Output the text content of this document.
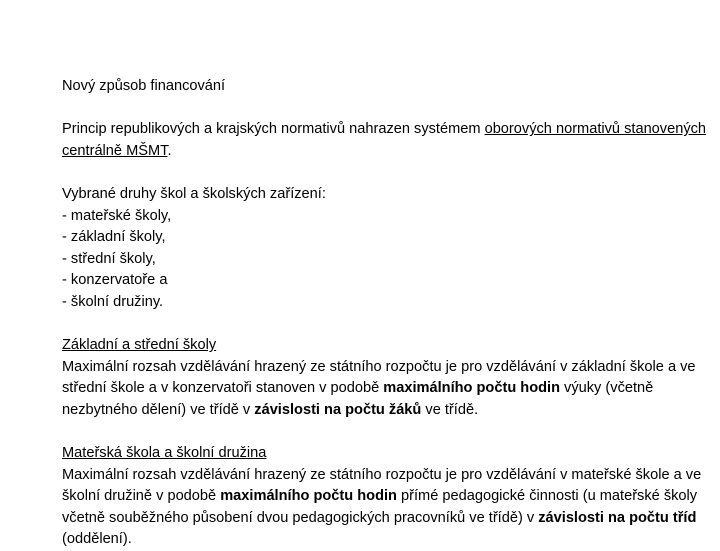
Nový způsob financování

Princip republikových a krajských normativů nahrazen systémem oborových normativů stanovených centrálně MŠMT.

Vybrané druhy škol a školských zařízení:

- mateřské školy,

- základní školy,

- střední školy,

- konzervatoře a

- školní družiny.

Základní a střední školy

Maximální rozsah vzdělávání hrazený ze státního rozpočtu je pro vzdělávání v základní škole a ve střední škole a v konzervatoři stanoven v podobě maximálního počtu hodin výuky (včetně nezbytného dělení) ve třídě v závislosti na počtu žáků ve třídě.

Mateřská škola a školní družina

Maximální rozsah vzdělávání hrazený ze státního rozpočtu je pro vzdělávání v mateřské škole a ve školní družině v podobě maximálního počtu hodin přímé pedagogické činnosti (u mateřské školy včetně souběžného působení dvou pedagogických pracovníků ve třídě) v závislosti na počtu tříd (oddělení).
